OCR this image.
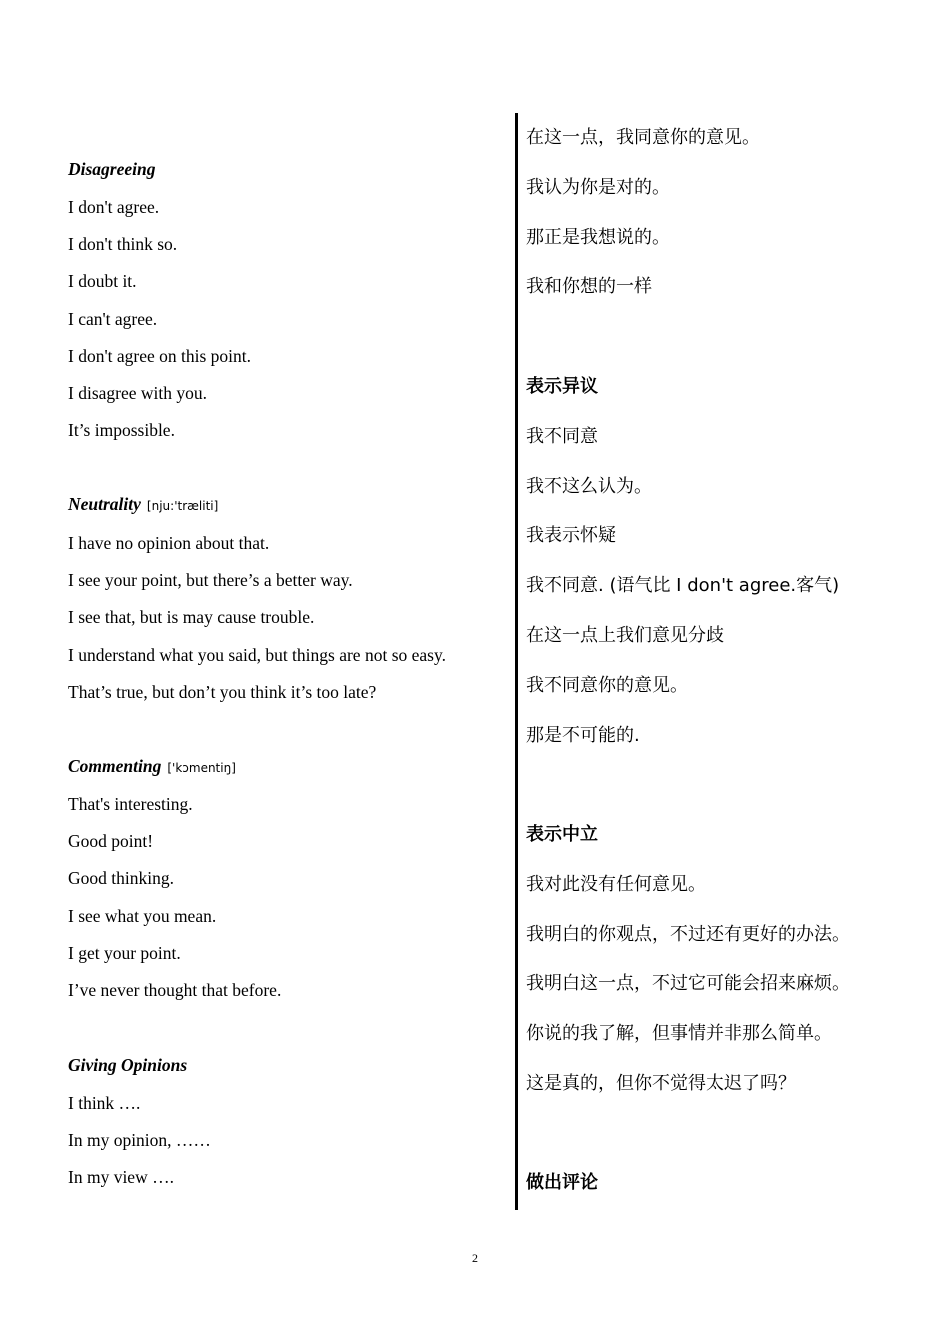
Disagreeing
I don't agree.
I don't think so.
I doubt it.
I can't agree.
I don't agree on this point.
I disagree with you.
It’s impossible.
Neutrality [nju:'træliti]
I have no opinion about that.
I see your point, but there’s a better way.
I see that, but is may cause trouble.
I understand what you said, but things are not so easy.
That’s true, but don’t you think it’s too late?
Commenting ['kɔmentiŋ]
That's interesting.
Good point!
Good thinking.
I see what you mean.
I get your point.
I’ve never thought that before.
Giving Opinions
I think ….
In my opinion, ……
In my view ….
在这一点，我同意你的意见。
我认为你是对的。
那正是我想说的。
我和你想的一样
表示异议
我不同意
我不这么认为。
我表示怀疑
我不同意. (语气比 I don't agree.客气)
在这一点上我们意见分歧
我不同意你的意见。
那是不可能的.
表示中立
我对此没有任何意见。
我明白的你观点，不过还有更好的办法。
我明白这一点，不过它可能会招来麻烦。
你说的我了解，但事情并非那么简单。
这是真的，但你不觉得太迟了吗？
做出评论
2
